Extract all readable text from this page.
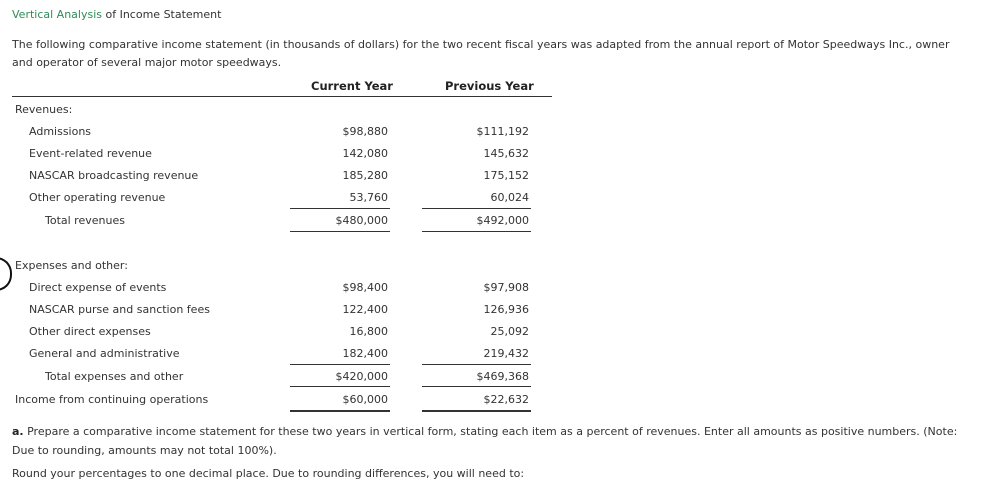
Vertical Analysis of Income Statement
The following comparative income statement (in thousands of dollars) for the two recent fiscal years was adapted from the annual report of Motor Speedways Inc., owner and operator of several major motor speedways.
Current Year	Previous Year
Revenues:
Admissions	$98,880	$111,192
Event-related revenue	142,080	145,632
NASCAR broadcasting revenue	185,280	175,152
Other operating revenue	53,760	60,024
Total revenues	$480,000	$492,000
Expenses and other:
Direct expense of events	$98,400	$97,908
NASCAR purse and sanction fees	122,400	126,936
Other direct expenses	16,800	25,092
General and administrative	182,400	219,432
Total expenses and other	$420,000	$469,368
Income from continuing operations	$60,000	$22,632
a. Prepare a comparative income statement for these two years in vertical form, stating each item as a percent of revenues. Enter all amounts as positive numbers. (Note: Due to rounding, amounts may not total 100%).
Round your percentages to one decimal place. Due to rounding differences, you will need to:
